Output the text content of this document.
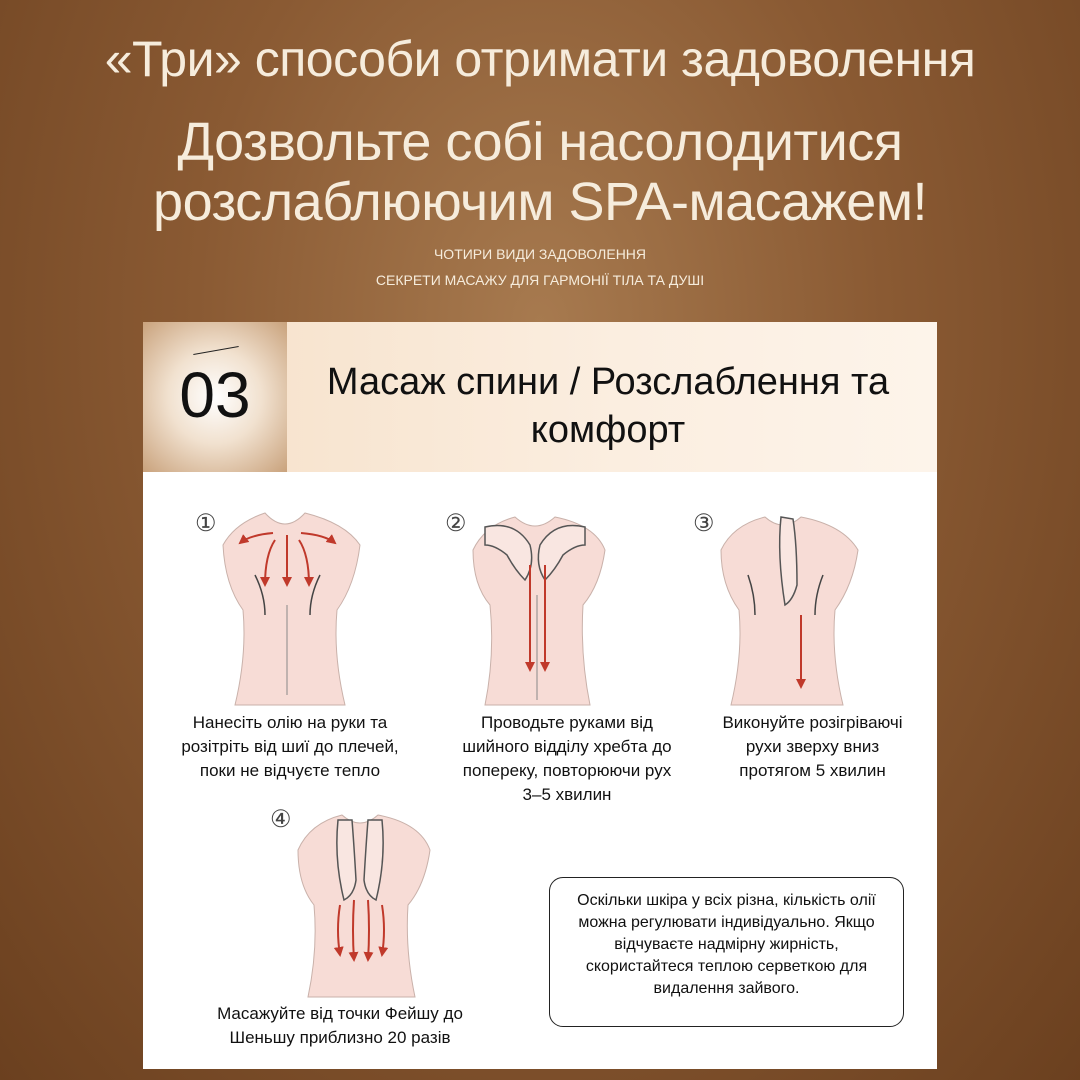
«Три» способи отримати задоволення
Дозвольте собі насолодитися
розслаблюючим SPA-масажем!
ЧОТИРИ ВИДИ ЗАДОВОЛЕННЯ
СЕКРЕТИ МАСАЖУ ДЛЯ ГАРМОНІЇ ТІЛА ТА ДУШІ
03	Масаж спини / Розслаблення та
комфорт
①	②	③
④
Нанесіть олію на руки та
розітріть від шиї до плечей,
поки не відчуєте тепло
Проводьте руками від
шийного відділу хребта до
попереку, повторюючи рух
3–5 хвилин
Виконуйте розігріваючі
рухи зверху вниз
протягом 5 хвилин
Масажуйте від точки Фейшу до
Шеньшу приблизно 20 разів
Оскільки шкіра у всіх різна, кількість олії
можна регулювати індивідуально. Якщо
відчуваєте надмірну жирність,
скористайтеся теплою серветкою для
видалення зайвого.
